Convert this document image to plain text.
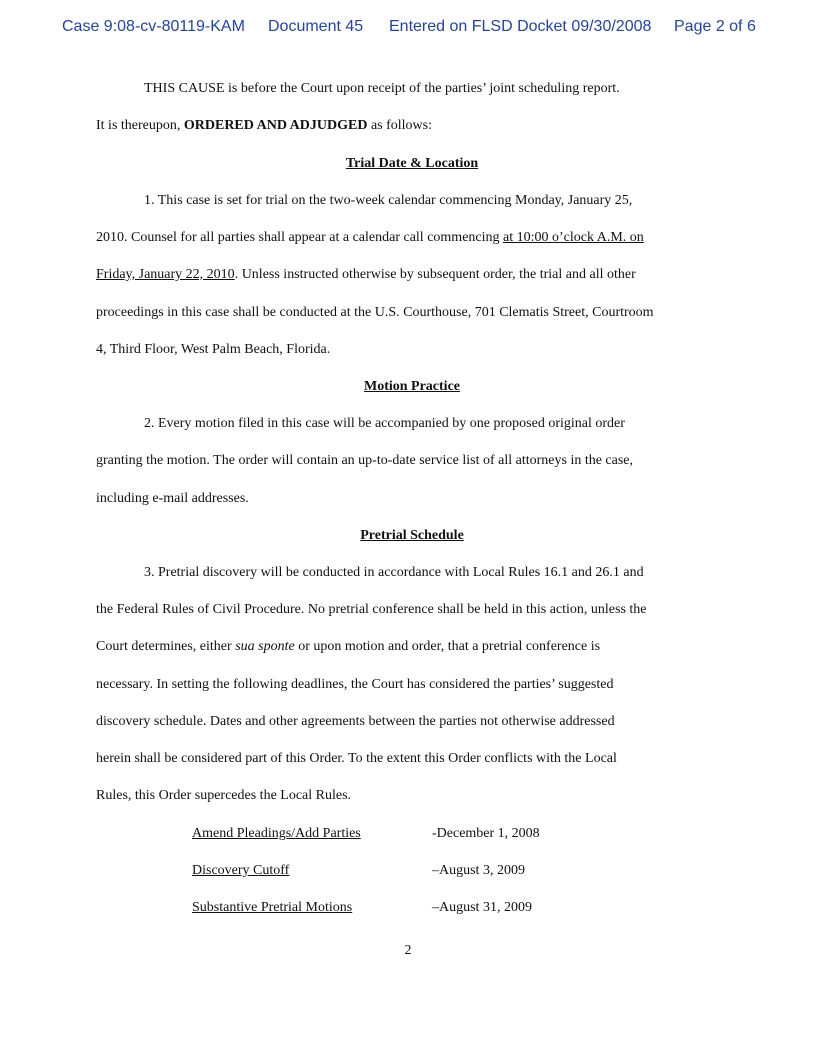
Case 9:08-cv-80119-KAM Document 45 Entered on FLSD Docket 09/30/2008 Page 2 of 6
THIS CAUSE is before the Court upon receipt of the parties’ joint scheduling report.
It is thereupon, ORDERED AND ADJUDGED as follows:
Trial Date & Location
1. This case is set for trial on the two-week calendar commencing Monday, January 25,
2010. Counsel for all parties shall appear at a calendar call commencing at 10:00 o’clock A.M. on
Friday, January 22, 2010. Unless instructed otherwise by subsequent order, the trial and all other
proceedings in this case shall be conducted at the U.S. Courthouse, 701 Clematis Street, Courtroom
4, Third Floor, West Palm Beach, Florida.
Motion Practice
2. Every motion filed in this case will be accompanied by one proposed original order
granting the motion. The order will contain an up-to-date service list of all attorneys in the case,
including e-mail addresses.
Pretrial Schedule
3. Pretrial discovery will be conducted in accordance with Local Rules 16.1 and 26.1 and
the Federal Rules of Civil Procedure. No pretrial conference shall be held in this action, unless the
Court determines, either sua sponte or upon motion and order, that a pretrial conference is
necessary. In setting the following deadlines, the Court has considered the parties’ suggested
discovery schedule. Dates and other agreements between the parties not otherwise addressed
herein shall be considered part of this Order. To the extent this Order conflicts with the Local
Rules, this Order supercedes the Local Rules.
Amend Pleadings/Add Parties	-December 1, 2008
Discovery Cutoff	–August 3, 2009
Substantive Pretrial Motions	–August 31, 2009
2
